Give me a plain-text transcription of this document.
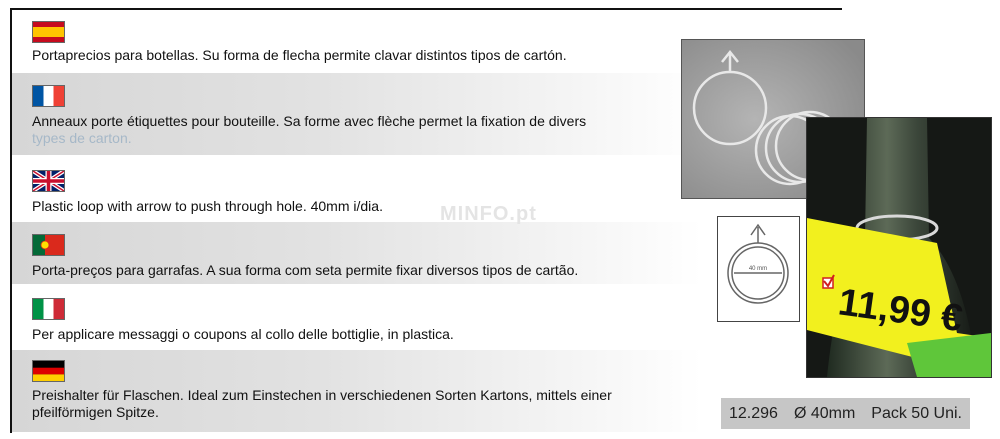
Portaprecios para botellas. Su forma de flecha permite clavar distintos tipos de cartón.
Anneaux porte étiquettes pour bouteille. Sa forme avec flèche permet la fixation de divers
types de carton.
Plastic loop with arrow to push through hole. 40mm i/dia.
Porta-preços para garrafas. A sua forma com seta permite fixar diversos tipos de cartão.
Per applicare messaggi o coupons al collo delle bottiglie, in plastica.
Preishalter für Flaschen. Ideal zum Einstechen in verschiedenen Sorten Kartons, mittels einer pfeilförmigen Spitze.
MINFO.pt
40 mm
11,99 €
12.296 Ø 40mm Pack 50 Uni.
